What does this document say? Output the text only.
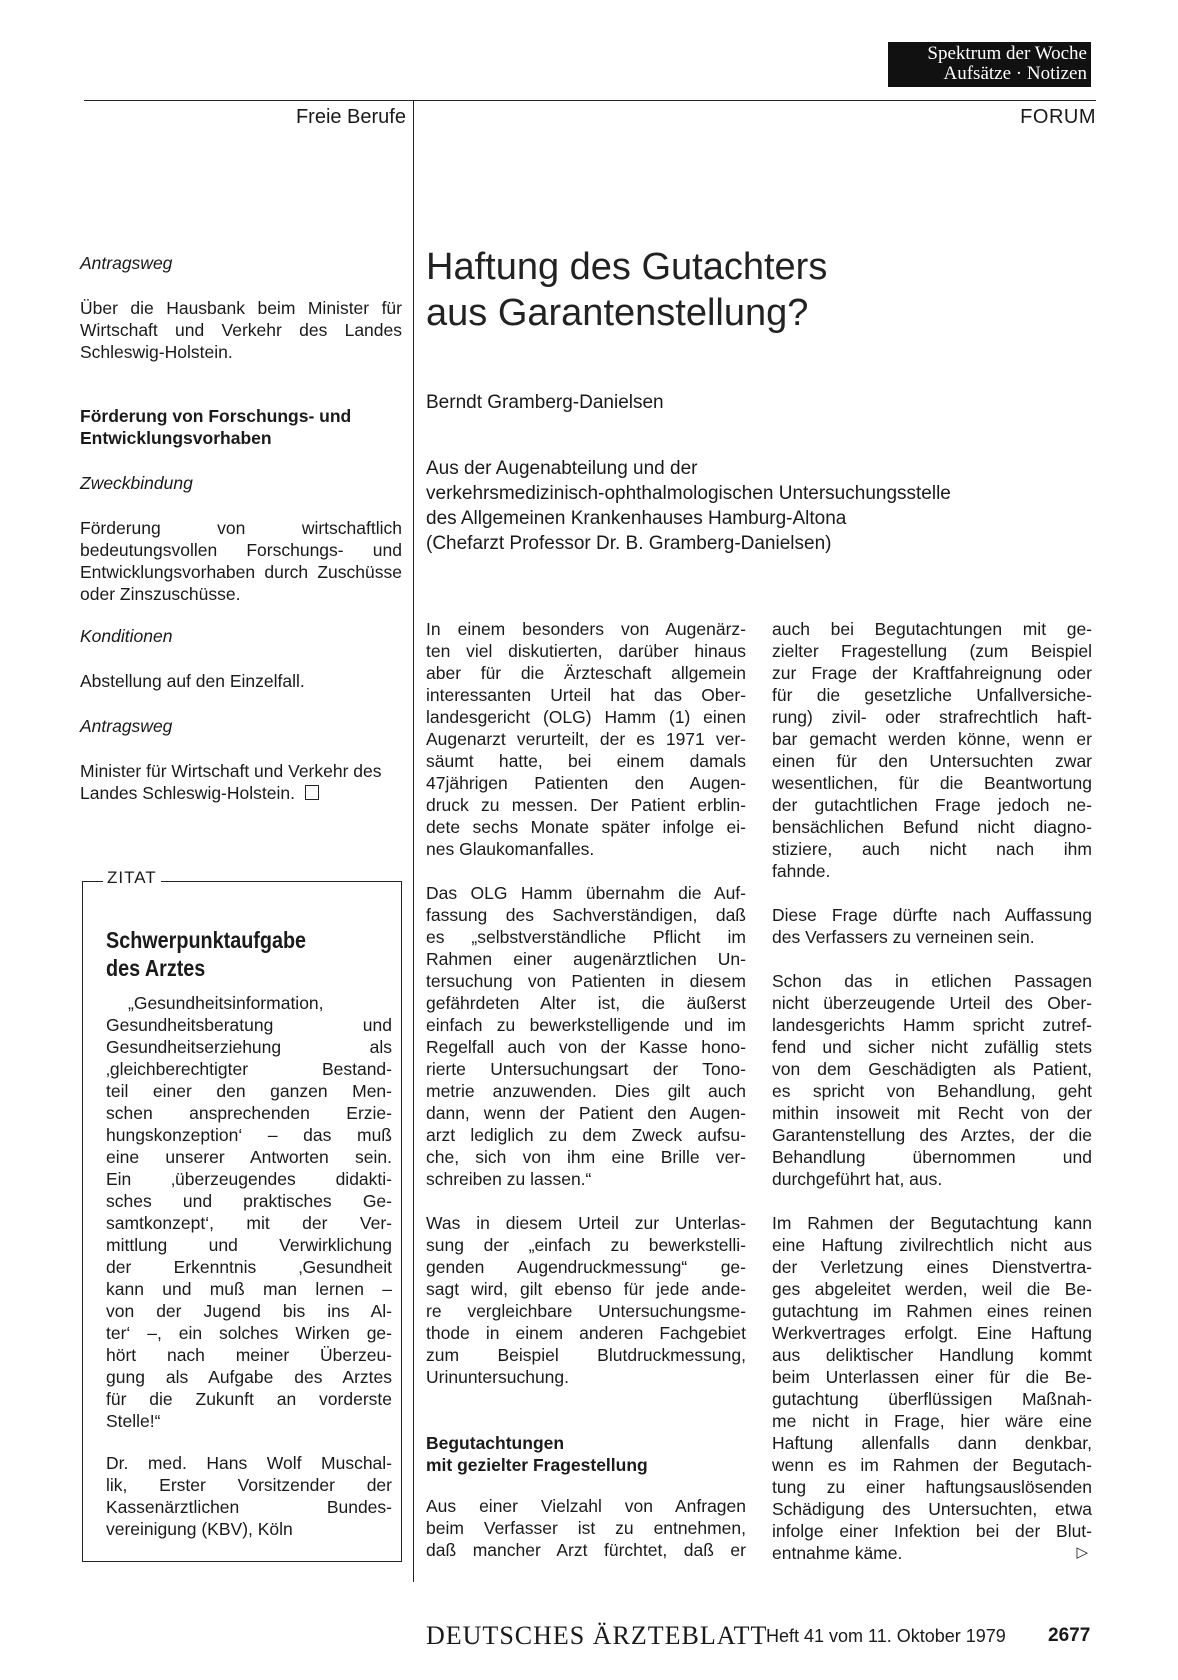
Spektrum der Woche
Aufsätze · Notizen
Freie Berufe	FORUM
Antragsweg
Über die Hausbank beim Minister für Wirtschaft und Verkehr des Landes Schleswig-Holstein.
Förderung von Forschungs- und Entwicklungsvorhaben
Zweckbindung
Förderung von wirtschaftlich bedeutungsvollen Forschungs- und Entwicklungsvorhaben durch Zuschüsse oder Zinszuschüsse.
Konditionen
Abstellung auf den Einzelfall.
Antragsweg
Minister für Wirtschaft und Verkehr des Landes Schleswig-Holstein.
ZITAT
Schwerpunktaufgabe
des Arztes

„Gesundheitsinformation,

Gesundheitsberatung und

Gesundheitserziehung als

‚gleichberechtigter Bestand-

teil einer den ganzen Men-

schen ansprechenden Erzie-

hungskonzeption‘ – das muß

eine unserer Antworten sein.

Ein ‚überzeugendes didakti-

sches und praktisches Ge-

samtkonzept‘, mit der Ver-

mittlung und Verwirklichung

der Erkenntnis ‚Gesundheit

kann und muß man lernen –

von der Jugend bis ins Al-

ter‘ –, ein solches Wirken ge-

hört nach meiner Überzeu-

gung als Aufgabe des Arztes

für die Zukunft an vorderste

Stelle!“

Dr. med. Hans Wolf Muschal-

lik, Erster Vorsitzender der

Kassenärztlichen Bundes-

vereinigung (KBV), Köln

Haftung des Gutachters
aus Garantenstellung?
Berndt Gramberg-Danielsen
Aus der Augenabteilung und der
verkehrsmedizinisch-ophthalmologischen Untersuchungsstelle
des Allgemeinen Krankenhauses Hamburg-Altona
(Chefarzt Professor Dr. B. Gramberg-Danielsen)

In einem besonders von Augenärz-

ten viel diskutierten, darüber hinaus

aber für die Ärzteschaft allgemein

interessanten Urteil hat das Ober-

landesgericht (OLG) Hamm (1) einen

Augenarzt verurteilt, der es 1971 ver-

säumt hatte, bei einem damals

47jährigen Patienten den Augen-

druck zu messen. Der Patient erblin-

dete sechs Monate später infolge ei-

nes Glaukomanfalles.

Das OLG Hamm übernahm die Auf-

fassung des Sachverständigen, daß

es „selbstverständliche Pflicht im

Rahmen einer augenärztlichen Un-

tersuchung von Patienten in diesem

gefährdeten Alter ist, die äußerst

einfach zu bewerkstelligende und im

Regelfall auch von der Kasse hono-

rierte Untersuchungsart der Tono-

metrie anzuwenden. Dies gilt auch

dann, wenn der Patient den Augen-

arzt lediglich zu dem Zweck aufsu-

che, sich von ihm eine Brille ver-

schreiben zu lassen.“

Was in diesem Urteil zur Unterlas-

sung der „einfach zu bewerkstelli-

genden Augendruckmessung“ ge-

sagt wird, gilt ebenso für jede ande-

re vergleichbare Untersuchungsme-

thode in einem anderen Fachgebiet

zum Beispiel Blutdruckmessung,

Urinuntersuchung.

Begutachtungen
mit gezielter Fragestellung

Aus einer Vielzahl von Anfragen

beim Verfasser ist zu entnehmen,

daß mancher Arzt fürchtet, daß er

auch bei Begutachtungen mit ge-

zielter Fragestellung (zum Beispiel

zur Frage der Kraftfahreignung oder

für die gesetzliche Unfallversiche-

rung) zivil- oder strafrechtlich haft-

bar gemacht werden könne, wenn er

einen für den Untersuchten zwar

wesentlichen, für die Beantwortung

der gutachtlichen Frage jedoch ne-

bensächlichen Befund nicht diagno-

stiziere, auch nicht nach ihm

fahnde.

Diese Frage dürfte nach Auffassung

des Verfassers zu verneinen sein.

Schon das in etlichen Passagen

nicht überzeugende Urteil des Ober-

landesgerichts Hamm spricht zutref-

fend und sicher nicht zufällig stets

von dem Geschädigten als Patient,

es spricht von Behandlung, geht

mithin insoweit mit Recht von der

Garantenstellung des Arztes, der die

Behandlung übernommen und

durchgeführt hat, aus.

Im Rahmen der Begutachtung kann

eine Haftung zivilrechtlich nicht aus

der Verletzung eines Dienstvertra-

ges abgeleitet werden, weil die Be-

gutachtung im Rahmen eines reinen

Werkvertrages erfolgt. Eine Haftung

aus deliktischer Handlung kommt

beim Unterlassen einer für die Be-

gutachtung überflüssigen Maßnah-

me nicht in Frage, hier wäre eine

Haftung allenfalls dann denkbar,

wenn es im Rahmen der Begutach-

tung zu einer haftungsauslösenden

Schädigung des Untersuchten, etwa

infolge einer Infektion bei der Blut-

entnahme käme.	▷

DEUTSCHES ÄRZTEBLATT
Heft 41 vom 11. Oktober 1979 2677
